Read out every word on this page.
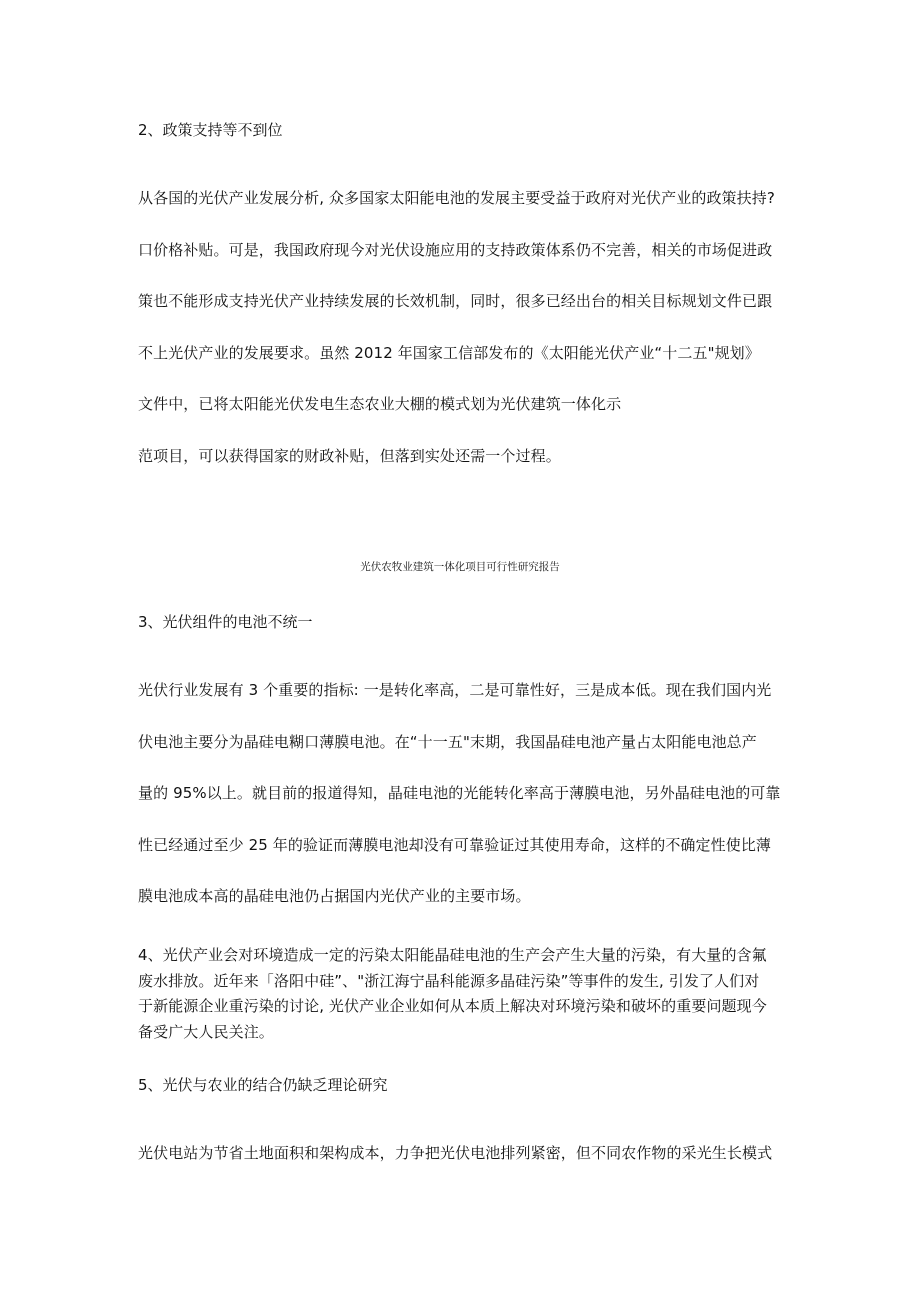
2、政策支持等不到位
从各国的光伏产业发展分析, 众多国家太阳能电池的发展主要受益于政府对光伏产业的政策扶持?
口价格补贴。可是，我国政府现今对光伏设施应用的支持政策体系仍不完善，相关的市场促进政
策也不能形成支持光伏产业持续发展的长效机制，同时，很多已经出台的相关目标规划文件已跟
不上光伏产业的发展要求。虽然 2012 年国家工信部发布的《太阳能光伏产业“十二五"规划》
文件中，已将太阳能光伏发电生态农业大棚的模式划为光伏建筑一体化示
范项目，可以获得国家的财政补贴，但落到实处还需一个过程。

光伏农牧业建筑一体化项目可行性研究报告

3、光伏组件的电池不统一
光伏行业发展有 3 个重要的指标: 一是转化率高，二是可靠性好，三是成本低。现在我们国内光
伏电池主要分为晶硅电糊口薄膜电池。在“十一五"末期，我国晶硅电池产量占太阳能电池总产
量的 95%以上。就目前的报道得知，晶硅电池的光能转化率高于薄膜电池，另外晶硅电池的可靠
性已经通过至少 25 年的验证而薄膜电池却没有可靠验证过其使用寿命，这样的不确定性使比薄
膜电池成本高的晶硅电池仍占据国内光伏产业的主要市场。
4、光伏产业会对环境造成一定的污染太阳能晶硅电池的生产会产生大量的污染，有大量的含氟
废水排放。近年来「洛阳中硅”、"浙江海宁晶科能源多晶硅污染”等事件的发生, 引发了人们对
于新能源企业重污染的讨论, 光伏产业企业如何从本质上解决对环境污染和破坏的重要问题现今
备受广大人民关注。
5、光伏与农业的结合仍缺乏理论研究
光伏电站为节省土地面积和架构成本，力争把光伏电池排列紧密，但不同农作物的采光生长模式
